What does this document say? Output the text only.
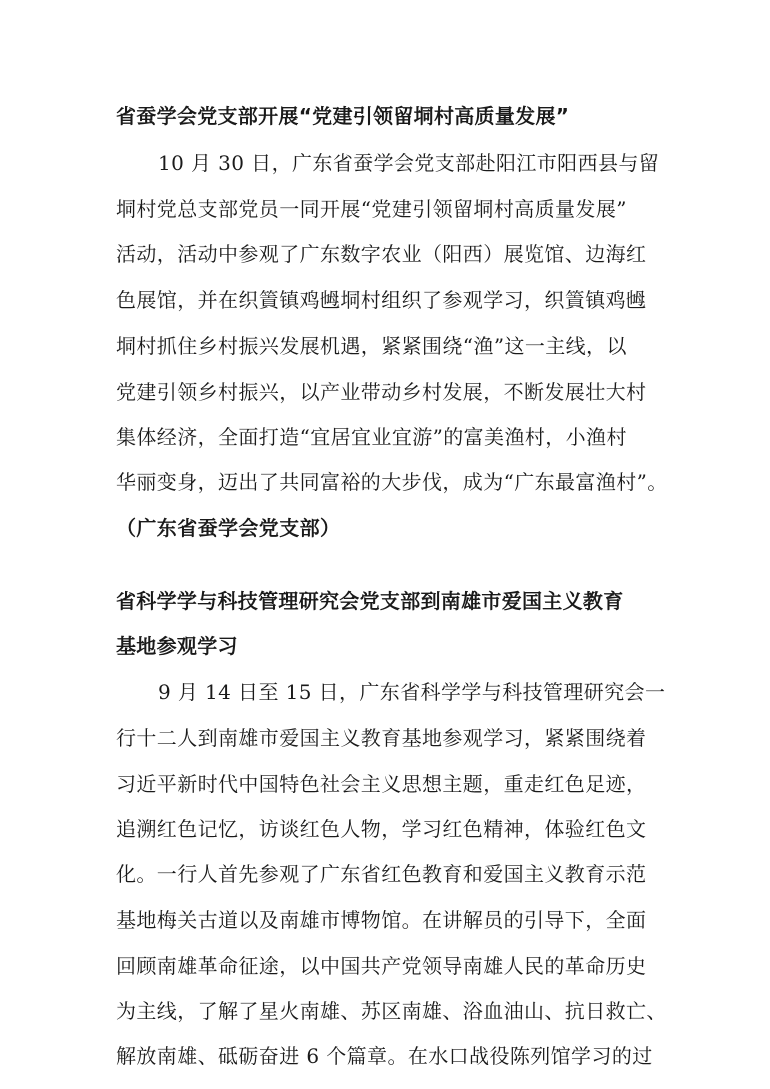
省蚕学会党支部开展“党建引领留垌村高质量发展”

10 月 30 日，广东省蚕学会党支部赴阳江市阳西县与留

垌村党总支部党员一同开展“党建引领留垌村高质量发展”

活动，活动中参观了广东数字农业（阳西）展览馆、边海红

色展馆，并在织篢镇鸡乸垌村组织了参观学习，织篢镇鸡乸

垌村抓住乡村振兴发展机遇，紧紧围绕“渔”这一主线，以

党建引领乡村振兴，以产业带动乡村发展，不断发展壮大村

集体经济，全面打造“宜居宜业宜游”的富美渔村，小渔村

华丽变身，迈出了共同富裕的大步伐，成为“广东最富渔村”。

（广东省蚕学会党支部）

省科学学与科技管理研究会党支部到南雄市爱国主义教育
基地参观学习

9 月 14 日至 15 日，广东省科学学与科技管理研究会一

行十二人到南雄市爱国主义教育基地参观学习，紧紧围绕着

习近平新时代中国特色社会主义思想主题，重走红色足迹，

追溯红色记忆，访谈红色人物，学习红色精神，体验红色文

化。一行人首先参观了广东省红色教育和爱国主义教育示范

基地梅关古道以及南雄市博物馆。在讲解员的引导下，全面

回顾南雄革命征途，以中国共产党领导南雄人民的革命历史

为主线，了解了星火南雄、苏区南雄、浴血油山、抗日救亡、

解放南雄、砥砺奋进 6 个篇章。在水口战役陈列馆学习的过
